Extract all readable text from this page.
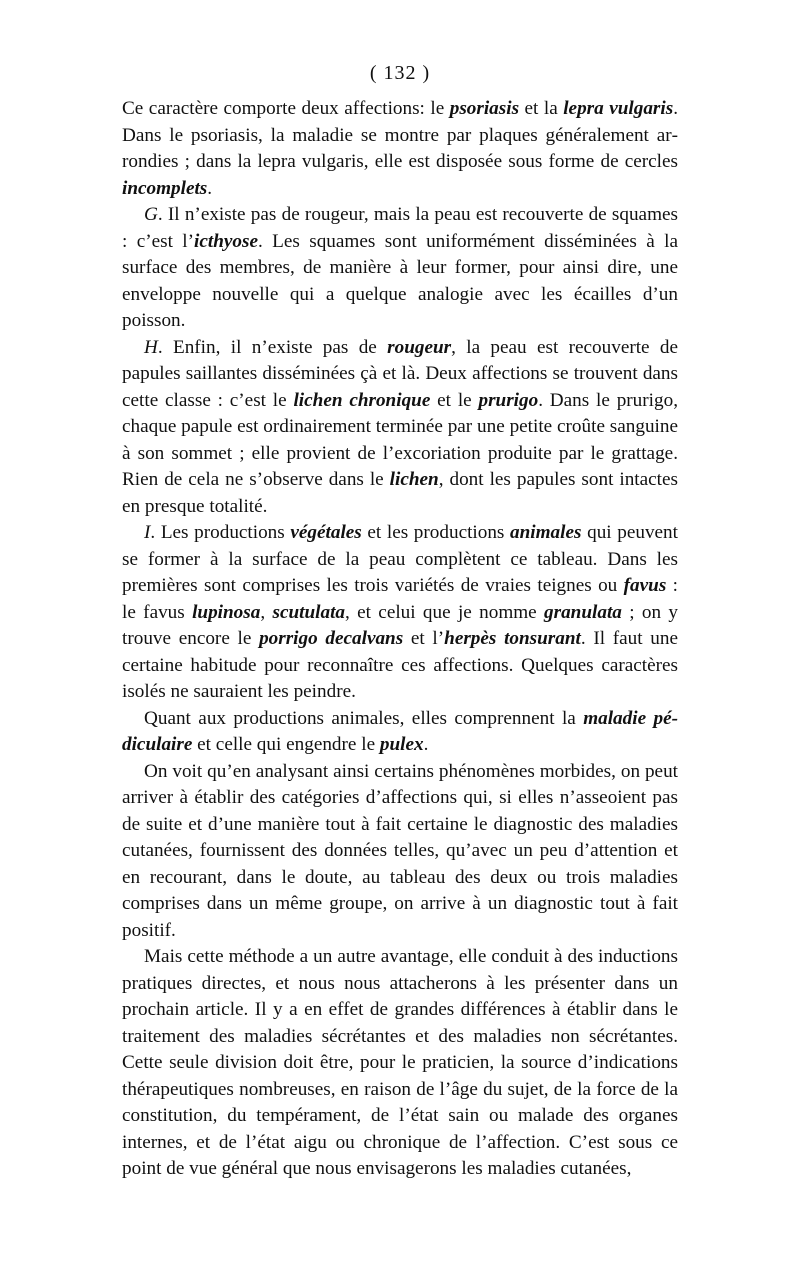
( 132 )

Ce caractère comporte deux affections: le psoriasis et la lepra vulgaris. Dans le psoriasis, la maladie se montre par plaques généralement arrondies ; dans la lepra vulgaris, elle est disposée sous forme de cercles incomplets.

G. Il n’existe pas de rougeur, mais la peau est recouverte de squames : c’est l’icthyose. Les squames sont uniformément disséminées à la surface des membres, de manière à leur former, pour ainsi dire, une enveloppe nouvelle qui a quelque analogie avec les écailles d’un poisson.

H. Enfin, il n’existe pas de rougeur, la peau est recouverte de papules saillantes disséminées çà et là. Deux affections se trouvent dans cette classe : c’est le lichen chronique et le prurigo. Dans le prurigo, chaque papule est ordinairement terminée par une petite croûte sanguine à son sommet ; elle provient de l’excoriation produite par le grattage. Rien de cela ne s’observe dans le lichen, dont les papules sont intactes en presque totalité.

I. Les productions végétales et les productions animales qui peuvent se former à la surface de la peau complètent ce tableau. Dans les premières sont comprises les trois variétés de vraies teignes ou favus : le favus lupinosa, scutulata, et celui que je nomme granulata ; on y trouve encore le porrigo decalvans et l’herpès tonsurant. Il faut une certaine habitude pour reconnaître ces affections. Quelques caractères isolés ne sauraient les peindre.

Quant aux productions animales, elles comprennent la maladie pédiculaire et celle qui engendre le pulex.

On voit qu’en analysant ainsi certains phénomènes morbides, on peut arriver à établir des catégories d’affections qui, si elles n’asseoient pas de suite et d’une manière tout à fait certaine le diagnostic des maladies cutanées, fournissent des données telles, qu’avec un peu d’attention et en recourant, dans le doute, au tableau des deux ou trois maladies comprises dans un même groupe, on arrive à un diagnostic tout à fait positif.

Mais cette méthode a un autre avantage, elle conduit à des inductions pratiques directes, et nous nous attacherons à les présenter dans un prochain article. Il y a en effet de grandes différences à établir dans le traitement des maladies sécrétantes et des maladies non sécrétantes. Cette seule division doit être, pour le praticien, la source d’indications thérapeutiques nombreuses, en raison de l’âge du sujet, de la force de la constitution, du tempérament, de l’état sain ou malade des organes internes, et de l’état aigu ou chronique de l’affection. C’est sous ce point de vue général que nous envisagerons les maladies cutanées,
